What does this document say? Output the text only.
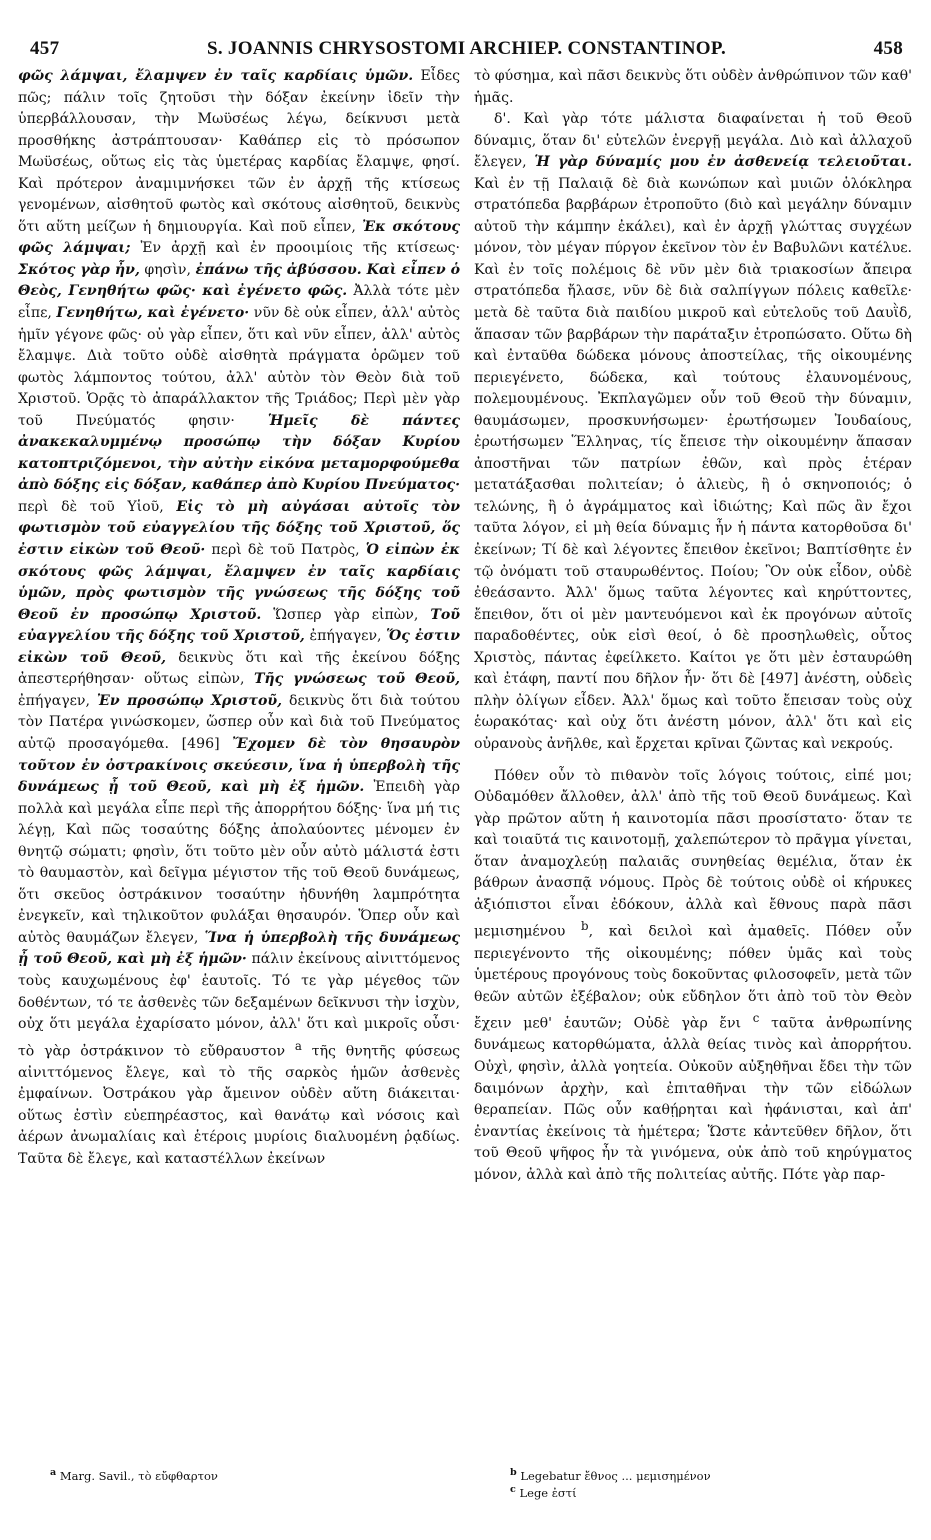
457	S. JOANNIS CHRYSOSTOMI ARCHIEP. CONSTANTINOP.	458

φῶς λάμψαι, ἔλαμψεν ἐν ταῖς καρδίαις ὑμῶν. Εἶδες πῶς; πάλιν τοῖς ζητοῦσι τὴν δόξαν ἐκείνην ἰδεῖν τὴν ὑπερβάλλουσαν, τὴν Μωϋσέως λέγω, δείκνυσι μετὰ προσθήκης ἀστράπτουσαν· Καθάπερ εἰς τὸ πρόσωπον Μωϋσέως, οὕτως εἰς τὰς ὑμετέρας καρδίας ἔλαμψε, φησί. Καὶ πρότερον ἀναμιμνήσκει τῶν ἐν ἀρχῇ τῆς κτίσεως γενομένων, αἰσθητοῦ φωτὸς καὶ σκότους αἰσθητοῦ, δεικνὺς ὅτι αὕτη μείζων ἡ δημιουργία. Καὶ ποῦ εἶπεν, Ἐκ σκότους φῶς λάμψαι; Ἐν ἀρχῇ καὶ ἐν προοιμίοις τῆς κτίσεως· Σκότος γὰρ ἦν, φησὶν, ἐπάνω τῆς ἀβύσσου. Καὶ εἶπεν ὁ Θεὸς, Γενηθήτω φῶς· καὶ ἐγένετο φῶς. Ἀλλὰ τότε μὲν εἶπε, Γενηθήτω, καὶ ἐγένετο· νῦν δὲ οὐκ εἶπεν, ἀλλ' αὐτὸς ἡμῖν γέγονε φῶς· οὐ γὰρ εἶπεν, ὅτι καὶ νῦν εἶπεν, ἀλλ' αὐτὸς ἔλαμψε. Διὰ τοῦτο οὐδὲ αἰσθητὰ πράγματα ὁρῶμεν τοῦ φωτὸς λάμποντος τούτου, ἀλλ' αὐτὸν τὸν Θεὸν διὰ τοῦ Χριστοῦ. Ὁρᾷς τὸ ἀπαράλλακτον τῆς Τριάδος; Περὶ μὲν γὰρ τοῦ Πνεύματός φησιν· Ἡμεῖς δὲ πάντες ἀνακεκαλυμμένῳ προσώπῳ τὴν δόξαν Κυρίου κατοπτριζόμενοι, τὴν αὐτὴν εἰκόνα μεταμορφούμεθα ἀπὸ δόξης εἰς δόξαν, καθάπερ ἀπὸ Κυρίου Πνεύματος· περὶ δὲ τοῦ Υἱοῦ, Εἰς τὸ μὴ αὐγάσαι αὐτοῖς τὸν φωτισμὸν τοῦ εὐαγγελίου τῆς δόξης τοῦ Χριστοῦ, ὅς ἐστιν εἰκὼν τοῦ Θεοῦ· περὶ δὲ τοῦ Πατρὸς, Ὁ εἰπὼν ἐκ σκότους φῶς λάμψαι, ἔλαμψεν ἐν ταῖς καρδίαις ὑμῶν, πρὸς φωτισμὸν τῆς γνώσεως τῆς δόξης τοῦ Θεοῦ ἐν προσώπῳ Χριστοῦ. Ὥσπερ γὰρ εἰπὼν, Τοῦ εὐαγγελίου τῆς δόξης τοῦ Χριστοῦ, ἐπήγαγεν, Ὅς ἐστιν εἰκὼν τοῦ Θεοῦ, δεικνὺς ὅτι καὶ τῆς ἐκείνου δόξης ἀπεστερήθησαν· οὕτως εἰπὼν, Τῆς γνώσεως τοῦ Θεοῦ, ἐπήγαγεν, Ἐν προσώπῳ Χριστοῦ, δεικνὺς ὅτι διὰ τούτου τὸν Πατέρα γινώσκομεν, ὥσπερ οὖν καὶ διὰ τοῦ Πνεύματος αὐτῷ προσαγόμεθα. [496] Ἔχομεν δὲ τὸν θησαυρὸν τοῦτον ἐν ὀστρακίνοις σκεύεσιν, ἵνα ἡ ὑπερβολὴ τῆς δυνάμεως ᾖ τοῦ Θεοῦ, καὶ μὴ ἐξ ἡμῶν. Ἐπειδὴ γὰρ πολλὰ καὶ μεγάλα εἶπε περὶ τῆς ἀπορρήτου δόξης· ἵνα μή τις λέγῃ, Καὶ πῶς τοσαύτης δόξης ἀπολαύοντες μένομεν ἐν θνητῷ σώματι; φησὶν, ὅτι τοῦτο μὲν οὖν αὐτὸ μάλιστά ἐστι τὸ θαυμαστὸν, καὶ δεῖγμα μέγιστον τῆς τοῦ Θεοῦ δυνάμεως, ὅτι σκεῦος ὀστράκινον τοσαύτην ἠδυνήθη λαμπρότητα ἐνεγκεῖν, καὶ τηλικοῦτον φυλάξαι θησαυρόν. Ὅπερ οὖν καὶ αὐτὸς θαυμάζων ἔλεγεν, Ἵνα ἡ ὑπερβολὴ τῆς δυνάμεως ᾖ τοῦ Θεοῦ, καὶ μὴ ἐξ ἡμῶν· πάλιν ἐκείνους αἰνιττόμενος τοὺς καυχωμένους ἐφ' ἑαυτοῖς. Τό τε γὰρ μέγεθος τῶν δοθέντων, τό τε ἀσθενὲς τῶν δεξαμένων δεῖκνυσι τὴν ἰσχὺν, οὐχ ὅτι μεγάλα ἐχαρίσατο μόνον, ἀλλ' ὅτι καὶ μικροῖς οὖσι· τὸ γὰρ ὀστράκινον τὸ εὔθραυστον $^a$ τῆς θνητῆς φύσεως αἰνιττόμενος ἔλεγε, καὶ τὸ τῆς σαρκὸς ἡμῶν ἀσθενὲς ἐμφαίνων. Ὀστράκου γὰρ ἄμεινον οὐδὲν αὕτη διάκειται· οὕτως ἐστὶν εὐεπηρέαστος, καὶ θανάτῳ καὶ νόσοις καὶ ἀέρων ἀνωμαλίαις καὶ ἑτέροις μυρίοις διαλυομένη ῥᾳδίως. Ταῦτα δὲ ἔλεγε, καὶ καταστέλλων ἐκείνων

τὸ φύσημα, καὶ πᾶσι δεικνὺς ὅτι οὐδὲν ἀνθρώπινον τῶν καθ' ἡμᾶς.

δ'. Καὶ γὰρ τότε μάλιστα διαφαίνεται ἡ τοῦ Θεοῦ δύναμις, ὅταν δι' εὐτελῶν ἐνεργῇ μεγάλα. Διὸ καὶ ἀλλαχοῦ ἔλεγεν, Ἡ γὰρ δύναμίς μου ἐν ἀσθενείᾳ τελειοῦται. Καὶ ἐν τῇ Παλαιᾷ δὲ διὰ κωνώπων καὶ μυιῶν ὁλόκληρα στρατόπεδα βαρβάρων ἐτροποῦτο (διὸ καὶ μεγάλην δύναμιν αὐτοῦ τὴν κάμπην ἐκάλει), καὶ ἐν ἀρχῇ γλώττας συγχέων μόνον, τὸν μέγαν πύργον ἐκεῖνον τὸν ἐν Βαβυλῶνι κατέλυε. Καὶ ἐν τοῖς πολέμοις δὲ νῦν μὲν διὰ τριακοσίων ἄπειρα στρατόπεδα ἤλασε, νῦν δὲ διὰ σαλπίγγων πόλεις καθεῖλε· μετὰ δὲ ταῦτα διὰ παιδίου μικροῦ καὶ εὐτελοῦς τοῦ Δαυῒδ, ἅπασαν τῶν βαρβάρων τὴν παράταξιν ἐτροπώσατο. Οὕτω δὴ καὶ ἐνταῦθα δώδεκα μόνους ἀποστείλας, τῆς οἰκουμένης περιεγένετο, δώδεκα, καὶ τούτους ἐλαυνομένους, πολεμουμένους. Ἐκπλαγῶμεν οὖν τοῦ Θεοῦ τὴν δύναμιν, θαυμάσωμεν, προσκυνήσωμεν· ἐρωτήσωμεν Ἰουδαίους, ἐρωτήσωμεν Ἕλληνας, τίς ἔπεισε τὴν οἰκουμένην ἅπασαν ἀποστῆναι τῶν πατρίων ἐθῶν, καὶ πρὸς ἑτέραν μετατάξασθαι πολιτείαν; ὁ ἁλιεὺς, ἢ ὁ σκηνοποιός; ὁ τελώνης, ἢ ὁ ἀγράμματος καὶ ἰδιώτης; Καὶ πῶς ἂν ἔχοι ταῦτα λόγον, εἰ μὴ θεία δύναμις ἦν ἡ πάντα κατορθοῦσα δι' ἐκείνων; Τί δὲ καὶ λέγοντες ἔπειθον ἐκεῖνοι; Βαπτίσθητε ἐν τῷ ὀνόματι τοῦ σταυρωθέντος. Ποίου; Ὃν οὐκ εἶδον, οὐδὲ ἐθεάσαντο. Ἀλλ' ὅμως ταῦτα λέγοντες καὶ κηρύττοντες, ἔπειθον, ὅτι οἱ μὲν μαντευόμενοι καὶ ἐκ προγόνων αὐτοῖς παραδοθέντες, οὐκ εἰσὶ θεοί, ὁ δὲ προσηλωθεὶς, οὗτος Χριστὸς, πάντας ἐφείλκετο. Καίτοι γε ὅτι μὲν ἐσταυρώθη καὶ ἐτάφη, παντί που δῆλον ἦν· ὅτι δὲ [497] ἀνέστη, οὐδεὶς πλὴν ὀλίγων εἶδεν. Ἀλλ' ὅμως καὶ τοῦτο ἔπεισαν τοὺς οὐχ ἑωρακότας· καὶ οὐχ ὅτι ἀνέστη μόνον, ἀλλ' ὅτι καὶ εἰς οὐρανοὺς ἀνῆλθε, καὶ ἔρχεται κρῖναι ζῶντας καὶ νεκρούς.

Πόθεν οὖν τὸ πιθανὸν τοῖς λόγοις τούτοις, εἰπέ μοι; Οὐδαμόθεν ἄλλοθεν, ἀλλ' ἀπὸ τῆς τοῦ Θεοῦ δυνάμεως. Καὶ γὰρ πρῶτον αὕτη ἡ καινοτομία πᾶσι προσίστατο· ὅταν τε καὶ τοιαῦτά τις καινοτομῇ, χαλεπώτερον τὸ πρᾶγμα γίνεται, ὅταν ἀναμοχλεύῃ παλαιᾶς συνηθείας θεμέλια, ὅταν ἐκ βάθρων ἀνασπᾷ νόμους. Πρὸς δὲ τούτοις οὐδὲ οἱ κήρυκες ἀξιόπιστοι εἶναι ἐδόκουν, ἀλλὰ καὶ ἔθνους παρὰ πᾶσι μεμισημένου $^b$, καὶ δειλοὶ καὶ ἀμαθεῖς. Πόθεν οὖν περιεγένοντο τῆς οἰκουμένης; πόθεν ὑμᾶς καὶ τοὺς ὑμετέρους προγόνους τοὺς δοκοῦντας φιλοσοφεῖν, μετὰ τῶν θεῶν αὐτῶν ἐξέβαλον; οὐκ εὔδηλον ὅτι ἀπὸ τοῦ τὸν Θεὸν ἔχειν μεθ' ἑαυτῶν; Οὐδὲ γὰρ ἔνι $^c$ ταῦτα ἀνθρωπίνης δυνάμεως κατορθώματα, ἀλλὰ θείας τινὸς καὶ ἀπορρήτου. Οὐχὶ, φησὶν, ἀλλὰ γοητεία. Οὐκοῦν αὐξηθῆναι ἔδει τὴν τῶν δαιμόνων ἀρχὴν, καὶ ἐπιταθῆναι τὴν τῶν εἰδώλων θεραπείαν. Πῶς οὖν καθῄρηται καὶ ἠφάνισται, καὶ ἀπ' ἐναντίας ἐκείνοις τὰ ἡμέτερα; Ὥστε κἀντεῦθεν δῆλον, ὅτι τοῦ Θεοῦ ψῆφος ἦν τὰ γινόμενα, οὐκ ἀπὸ τοῦ κηρύγματος μόνον, ἀλλὰ καὶ ἀπὸ τῆς πολιτείας αὐτῆς. Πότε γὰρ παρ-

$^a$ Marg. Savil., τὸ εὔφθαρτον	$^b$ Legebatur ἔθνος ... μεμισημένον
$^c$ Lege ἐστί
